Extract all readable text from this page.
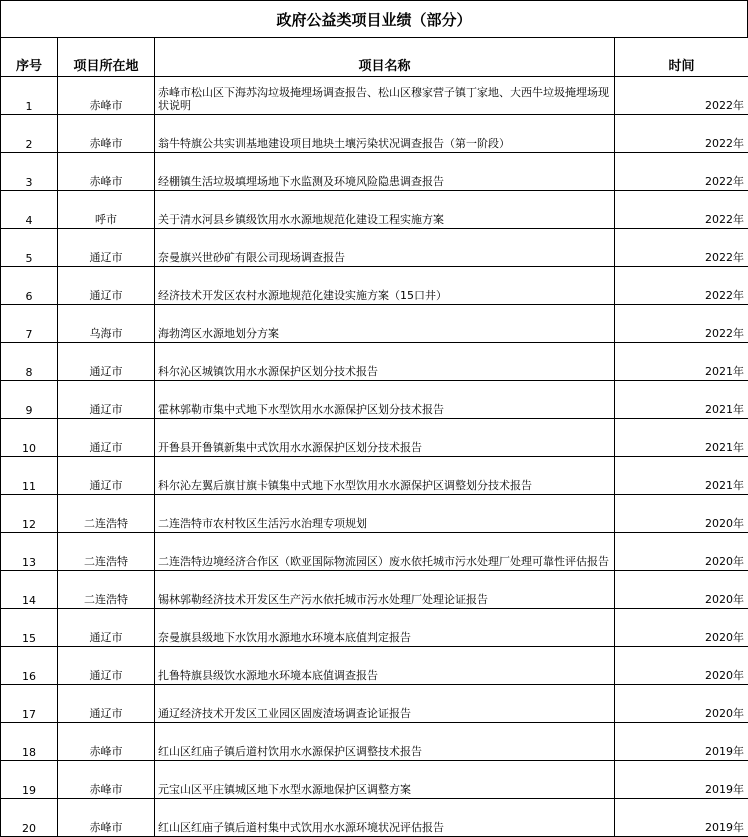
政府公益类项目业绩（部分）
序号	项目所在地	项目名称	时间
1	赤峰市	赤峰市松山区下海苏沟垃圾掩埋场调查报告、松山区穆家营子镇丁家地、大西牛垃圾掩埋场现状说明	2022年
2	赤峰市	翁牛特旗公共实训基地建设项目地块土壤污染状况调查报告（第一阶段）	2022年
3	赤峰市	经棚镇生活垃圾填埋场地下水监测及环境风险隐患调查报告	2022年
4	呼市	关于清水河县乡镇级饮用水水源地规范化建设工程实施方案	2022年
5	通辽市	奈曼旗兴世砂矿有限公司现场调查报告	2022年
6	通辽市	经济技术开发区农村水源地规范化建设实施方案（15口井）	2022年
7	乌海市	海勃湾区水源地划分方案	2022年
8	通辽市	科尔沁区城镇饮用水水源保护区划分技术报告	2021年
9	通辽市	霍林郭勒市集中式地下水型饮用水水源保护区划分技术报告	2021年
10	通辽市	开鲁县开鲁镇新集中式饮用水水源保护区划分技术报告	2021年
11	通辽市	科尔沁左翼后旗甘旗卡镇集中式地下水型饮用水水源保护区调整划分技术报告	2021年
12	二连浩特	二连浩特市农村牧区生活污水治理专项规划	2020年
13	二连浩特	二连浩特边境经济合作区（欧亚国际物流园区）废水依托城市污水处理厂处理可靠性评估报告	2020年
14	二连浩特	锡林郭勒经济技术开发区生产污水依托城市污水处理厂处理论证报告	2020年
15	通辽市	奈曼旗县级地下水饮用水源地水环境本底值判定报告	2020年
16	通辽市	扎鲁特旗县级饮水源地水环境本底值调查报告	2020年
17	通辽市	通辽经济技术开发区工业园区固废渣场调查论证报告	2020年
18	赤峰市	红山区红庙子镇后道村饮用水水源保护区调整技术报告	2019年
19	赤峰市	元宝山区平庄镇城区地下水型水源地保护区调整方案	2019年
20	赤峰市	红山区红庙子镇后道村集中式饮用水水源环境状况评估报告	2019年
